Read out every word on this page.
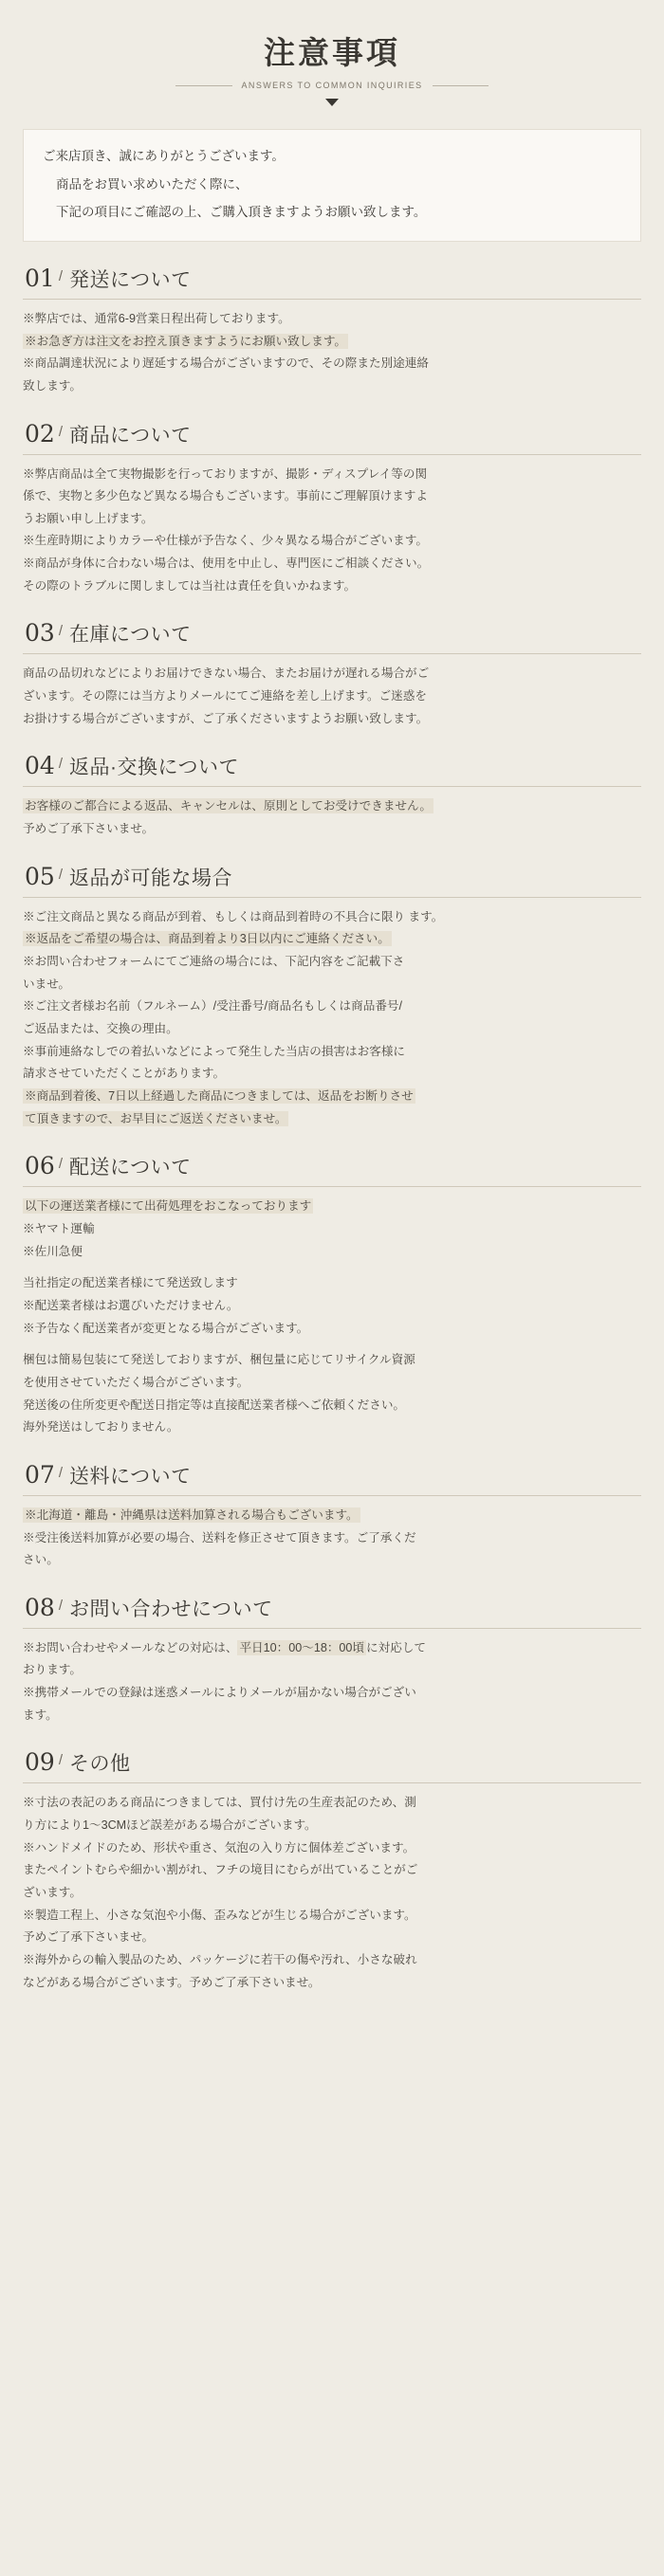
注意事項
ANSWERS TO COMMON INQUIRIES

ご来店頂き、誠にありがとうございます。

商品をお買い求めいただく際に、

下記の項目にご確認の上、ご購入頂きますようお願い致します。

01 / 発送について

※弊店では、通常6-9営業日程出荷しております。

※お急ぎ方は注文をお控え頂きますようにお願い致します。

※商品調達状況により遅延する場合がございますので、その際また別途連絡

致します。

02 / 商品について

※弊店商品は全て実物撮影を行っておりますが、撮影・ディスプレイ等の関

係で、実物と多少色など異なる場合もございます。事前にご理解頂けますよ

うお願い申し上げます。

※生産時期によりカラーや仕様が予告なく、少々異なる場合がございます。

※商品が身体に合わない場合は、使用を中止し、専門医にご相談ください。

その際のトラブルに関しましては当社は責任を負いかねます。

03 / 在庫について

商品の品切れなどによりお届けできない場合、またお届けが遅れる場合がご

ざいます。その際には当方よりメールにてご連絡を差し上げます。ご迷惑を

お掛けする場合がございますが、ご了承くださいますようお願い致します。

04 / 返品·交換について

お客様のご都合による返品、キャンセルは、原則としてお受けできません。

予めご了承下さいませ。

05 / 返品が可能な場合

※ご注文商品と異なる商品が到着、もしくは商品到着時の不具合に限り ます。

※返品をご希望の場合は、商品到着より3日以内にご連絡ください。

※お問い合わせフォームにてご連絡の場合には、下記内容をご記載下さ

いませ。

※ご注文者様お名前（フルネーム）/受注番号/商品名もしくは商品番号/

ご返品または、交換の理由。

※事前連絡なしでの着払いなどによって発生した当店の損害はお客様に

請求させていただくことがあります。

※商品到着後、7日以上経過した商品につきましては、返品をお断りさせ

て頂きますので、お早目にご返送くださいませ。

06 / 配送について

以下の運送業者様にて出荷処理をおこなっております

※ヤマト運輸

※佐川急便

当社指定の配送業者様にて発送致します

※配送業者様はお選びいただけません。

※予告なく配送業者が変更となる場合がございます。

梱包は簡易包装にて発送しておりますが、梱包量に応じてリサイクル資源

を使用させていただく場合がございます。

発送後の住所変更や配送日指定等は直接配送業者様へご依頼ください。

海外発送はしておりません。

07 / 送料について

※北海道・離島・沖縄県は送料加算される場合もございます。

※受注後送料加算が必要の場合、送料を修正させて頂きます。ご了承くだ

さい。

08 / お問い合わせについて

※お問い合わせやメールなどの対応は、 平日10：00～18：00頃 に対応して

おります。

※携帯メールでの登録は迷惑メールによりメールが届かない場合がござい

ます。

09 / その他

※寸法の表記のある商品につきましては、買付け先の生産表記のため、測

り方により1～3CMほど誤差がある場合がございます。

※ハンドメイドのため、形状や重さ、気泡の入り方に個体差ございます。

またペイントむらや細かい割がれ、フチの境目にむらが出ていることがご

ざいます。

※製造工程上、小さな気泡や小傷、歪みなどが生じる場合がございます。

予めご了承下さいませ。

※海外からの輸入製品のため、パッケージに若干の傷や汚れ、小さな破れ

などがある場合がございます。予めご了承下さいませ。
